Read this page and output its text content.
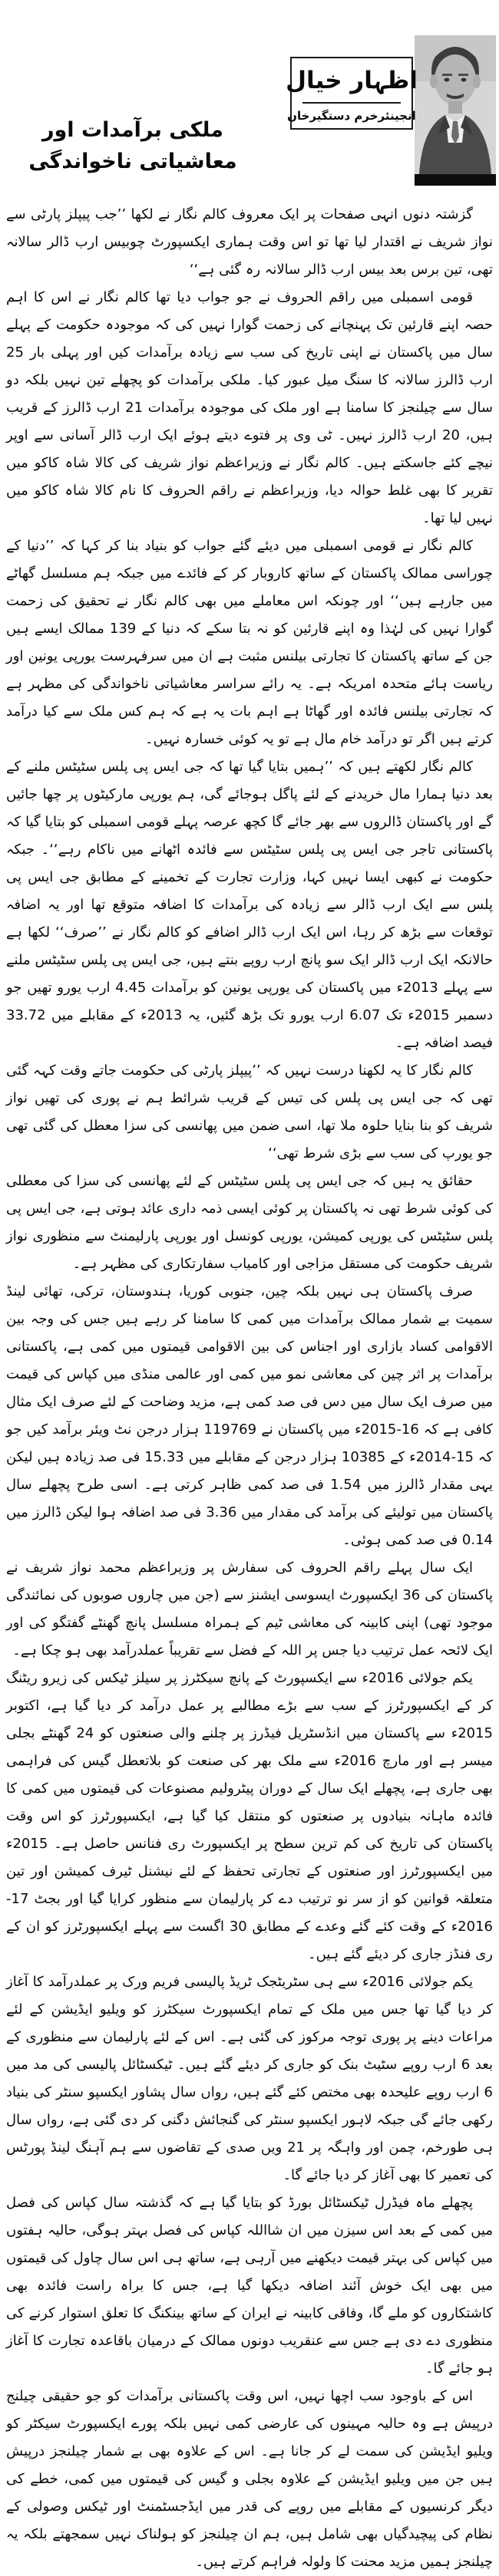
اظہار خیال
انجینئرخرم دستگیرخان
ملکی برآمدات اور معاشیاتی ناخواندگی

گزشتہ دنوں انہی صفحات پر ایک معروف کالم نگار نے لکھا ’’جب پیپلز پارٹی سے نواز شریف نے اقتدار لیا تھا تو اس وقت ہماری ایکسپورٹ چوبیس ارب ڈالر سالانہ تھی، تین برس بعد بیس ارب ڈالر سالانہ رہ گئی ہے‘‘

قومی اسمبلی میں راقم الحروف نے جو جواب دیا تھا کالم نگار نے اس کا اہم حصہ اپنے قارئین تک پہنچانے کی زحمت گوارا نہیں کی کہ موجودہ حکومت کے پہلے سال میں پاکستان نے اپنی تاریخ کی سب سے زیادہ برآمدات کیں اور پہلی بار 25 ارب ڈالرز سالانہ کا سنگ میل عبور کیا۔ ملکی برآمدات کو پچھلے تین نہیں بلکہ دو سال سے چیلنجز کا سامنا ہے اور ملک کی موجودہ برآمدات 21 ارب ڈالرز کے قریب ہیں، 20 ارب ڈالرز نہیں۔ ٹی وی پر فتوے دیتے ہوئے ایک ارب ڈالر آسانی سے اوپر نیچے کئے جاسکتے ہیں۔ کالم نگار نے وزیراعظم نواز شریف کی کالا شاہ کاکو میں تقریر کا بھی غلط حوالہ دیا، وزیراعظم نے راقم الحروف کا نام کالا شاہ کاکو میں نہیں لیا تھا۔

کالم نگار نے قومی اسمبلی میں دیئے گئے جواب کو بنیاد بنا کر کہا کہ ’’دنیا کے چوراسی ممالک پاکستان کے ساتھ کاروبار کر کے فائدے میں جبکہ ہم مسلسل گھاٹے میں جارہے ہیں‘‘ اور چونکہ اس معاملے میں بھی کالم نگار نے تحقیق کی زحمت گوارا نہیں کی لہٰذا وہ اپنے قارئین کو نہ بتا سکے کہ دنیا کے 139 ممالک ایسے ہیں جن کے ساتھ پاکستان کا تجارتی بیلنس مثبت ہے ان میں سرفہرست یورپی یونین اور ریاست ہائے متحدہ امریکہ ہے۔ یہ رائے سراسر معاشیاتی ناخواندگی کی مظہر ہے کہ تجارتی بیلنس فائدہ اور گھاٹا ہے اہم بات یہ ہے کہ ہم کس ملک سے کیا درآمد کرتے ہیں اگر تو درآمد خام مال ہے تو یہ کوئی خسارہ نہیں۔

کالم نگار لکھتے ہیں کہ ’’ہمیں بتایا گیا تھا کہ جی ایس پی پلس سٹیٹس ملنے کے بعد دنیا ہمارا مال خریدنے کے لئے پاگل ہوجائے گی، ہم یورپی مارکیٹوں پر چھا جائیں گے اور پاکستان ڈالروں سے بھر جائے گا کچھ عرصہ پہلے قومی اسمبلی کو بتایا گیا کہ پاکستانی تاجر جی ایس پی پلس سٹیٹس سے فائدہ اٹھانے میں ناکام رہے‘‘۔ جبکہ حکومت نے کبھی ایسا نہیں کہا، وزارت تجارت کے تخمینے کے مطابق جی ایس پی پلس سے ایک ارب ڈالر سے زیادہ کی برآمدات کا اضافہ متوقع تھا اور یہ اضافہ توقعات سے بڑھ کر رہا، اس ایک ارب ڈالر اضافے کو کالم نگار نے ’’صرف‘‘ لکھا ہے حالانکہ ایک ارب ڈالر ایک سو پانچ ارب روپے بنتے ہیں، جی ایس پی پلس سٹیٹس ملنے سے پہلے 2013ء میں پاکستان کی یورپی یونین کو برآمدات 4.45 ارب یورو تھیں جو دسمبر 2015ء تک 6.07 ارب یورو تک بڑھ گئیں، یہ 2013ء کے مقابلے میں 33.72 فیصد اضافہ ہے۔

کالم نگار کا یہ لکھنا درست نہیں کہ ’’پیپلز پارٹی کی حکومت جاتے وقت کہہ گئی تھی کہ جی ایس پی پلس کی تیس کے قریب شرائط ہم نے پوری کی تھیں نواز شریف کو بنا بنایا حلوہ ملا تھا، اسی ضمن میں پھانسی کی سزا معطل کی گئی تھی جو یورپ کی سب سے بڑی شرط تھی‘‘

حقائق یہ ہیں کہ جی ایس پی پلس سٹیٹس کے لئے پھانسی کی سزا کی معطلی کی کوئی شرط تھی نہ پاکستان پر کوئی ایسی ذمہ داری عائد ہوتی ہے، جی ایس پی پلس سٹیٹس کی یورپی کمیشن، یورپی کونسل اور یورپی پارلیمنٹ سے منظوری نواز شریف حکومت کی مستقل مزاجی اور کامیاب سفارتکاری کی مظہر ہے۔

صرف پاکستان ہی نہیں بلکہ چین، جنوبی کوریا، ہندوستان، ترکی، تھائی لینڈ سمیت بے شمار ممالک برآمدات میں کمی کا سامنا کر رہے ہیں جس کی وجہ بین الاقوامی کساد بازاری اور اجناس کی بین الاقوامی قیمتوں میں کمی ہے، پاکستانی برآمدات پر اثر چین کی معاشی نمو میں کمی اور عالمی منڈی میں کپاس کی قیمت میں صرف ایک سال میں دس فی صد کمی ہے، مزید وضاحت کے لئے صرف ایک مثال کافی ہے کہ 16-2015ء میں پاکستان نے 119769 ہزار درجن نٹ ویئر برآمد کیں جو کہ 15-2014ء کے 10385 ہزار درجن کے مقابلے میں 15.33 فی صد زیادہ ہیں لیکن یہی مقدار ڈالرز میں 1.54 فی صد کمی ظاہر کرتی ہے۔ اسی طرح پچھلے سال پاکستان میں تولیئے کی برآمد کی مقدار میں 3.36 فی صد اضافہ ہوا لیکن ڈالرز میں 0.14 فی صد کمی ہوئی۔

ایک سال پہلے راقم الحروف کی سفارش پر وزیراعظم محمد نواز شریف نے پاکستان کی 36 ایکسپورٹ ایسوسی ایشنز سے (جن میں چاروں صوبوں کی نمائندگی موجود تھی) اپنی کابینہ کی معاشی ٹیم کے ہمراہ مسلسل پانچ گھنٹے گفتگو کی اور ایک لائحہ عمل ترتیب دیا جس پر اللہ کے فضل سے تقریباً عملدرآمد بھی ہو چکا ہے۔

یکم جولائی 2016ء سے ایکسپورٹ کے پانچ سیکٹرز پر سیلز ٹیکس کی زیرو ریٹنگ کر کے ایکسپورٹرز کے سب سے بڑے مطالبے پر عمل درآمد کر دیا گیا ہے، اکتوبر 2015ء سے پاکستان میں انڈسٹریل فیڈرز پر چلنے والی صنعتوں کو 24 گھنٹے بجلی میسر ہے اور مارچ 2016ء سے ملک بھر کی صنعت کو بلاتعطل گیس کی فراہمی بھی جاری ہے، پچھلے ایک سال کے دوران پیٹرولیم مصنوعات کی قیمتوں میں کمی کا فائدہ ماہانہ بنیادوں پر صنعتوں کو منتقل کیا گیا ہے، ایکسپورٹرز کو اس وقت پاکستان کی تاریخ کی کم ترین سطح پر ایکسپورٹ ری فنانس حاصل ہے۔ 2015ء میں ایکسپورٹرز اور صنعتوں کے تجارتی تحفظ کے لئے نیشنل ٹیرف کمیشن اور تین متعلقہ قوانین کو از سر نو ترتیب دے کر پارلیمان سے منظور کرایا گیا اور بجٹ 17-2016ء کے وقت کئے گئے وعدے کے مطابق 30 اگست سے پہلے ایکسپورٹرز کو ان کے ری فنڈز جاری کر دیئے گئے ہیں۔

یکم جولائی 2016ء سے ہی سٹریٹجک ٹریڈ پالیسی فریم ورک پر عملدرآمد کا آغاز کر دیا گیا تھا جس میں ملک کے تمام ایکسپورٹ سیکٹرز کو ویلیو ایڈیشن کے لئے مراعات دینے پر پوری توجہ مرکوز کی گئی ہے۔ اس کے لئے پارلیمان سے منظوری کے بعد 6 ارب روپے سٹیٹ بنک کو جاری کر دیئے گئے ہیں۔ ٹیکسٹائل پالیسی کی مد میں 6 ارب روپے علیحدہ بھی مختص کئے گئے ہیں، رواں سال پشاور ایکسپو سنٹر کی بنیاد رکھی جائے گی جبکہ لاہور ایکسپو سنٹر کی گنجائش دگنی کر دی گئی ہے، رواں سال ہی طورخم، چمن اور واہگہ پر 21 ویں صدی کے تقاضوں سے ہم آہنگ لینڈ پورٹس کی تعمیر کا بھی آغاز کر دیا جائے گا۔

پچھلے ماہ فیڈرل ٹیکسٹائل بورڈ کو بتایا گیا ہے کہ گذشتہ سال کپاس کی فصل میں کمی کے بعد اس سیزن میں ان شااللہ کپاس کی فصل بہتر ہوگی، حالیہ ہفتوں میں کپاس کی بہتر قیمت دیکھنے میں آرہی ہے، ساتھ ہی اس سال چاول کی قیمتوں میں بھی ایک خوش آئند اضافہ دیکھا گیا ہے، جس کا براہ راست فائدہ بھی کاشتکاروں کو ملے گا، وفاقی کابینہ نے ایران کے ساتھ بینکنگ کا تعلق استوار کرنے کی منظوری دے دی ہے جس سے عنقریب دونوں ممالک کے درمیان باقاعدہ تجارت کا آغاز ہو جائے گا۔

اس کے باوجود سب اچھا نہیں، اس وقت پاکستانی برآمدات کو جو حقیقی چیلنج درپیش ہے وہ حالیہ مہینوں کی عارضی کمی نہیں بلکہ پورے ایکسپورٹ سیکٹر کو ویلیو ایڈیشن کی سمت لے کر جانا ہے۔ اس کے علاوہ بھی بے شمار چیلنجز درپیش ہیں جن میں ویلیو ایڈیشن کے علاوہ بجلی و گیس کی قیمتوں میں کمی، خطے کی دیگر کرنسیوں کے مقابلے میں روپے کی قدر میں ایڈجسٹمنٹ اور ٹیکس وصولی کے نظام کی پیچیدگیاں بھی شامل ہیں، ہم ان چیلنجز کو ہولناک نہیں سمجھتے بلکہ یہ چیلنجز ہمیں مزید محنت کا ولولہ فراہم کرتے ہیں۔
